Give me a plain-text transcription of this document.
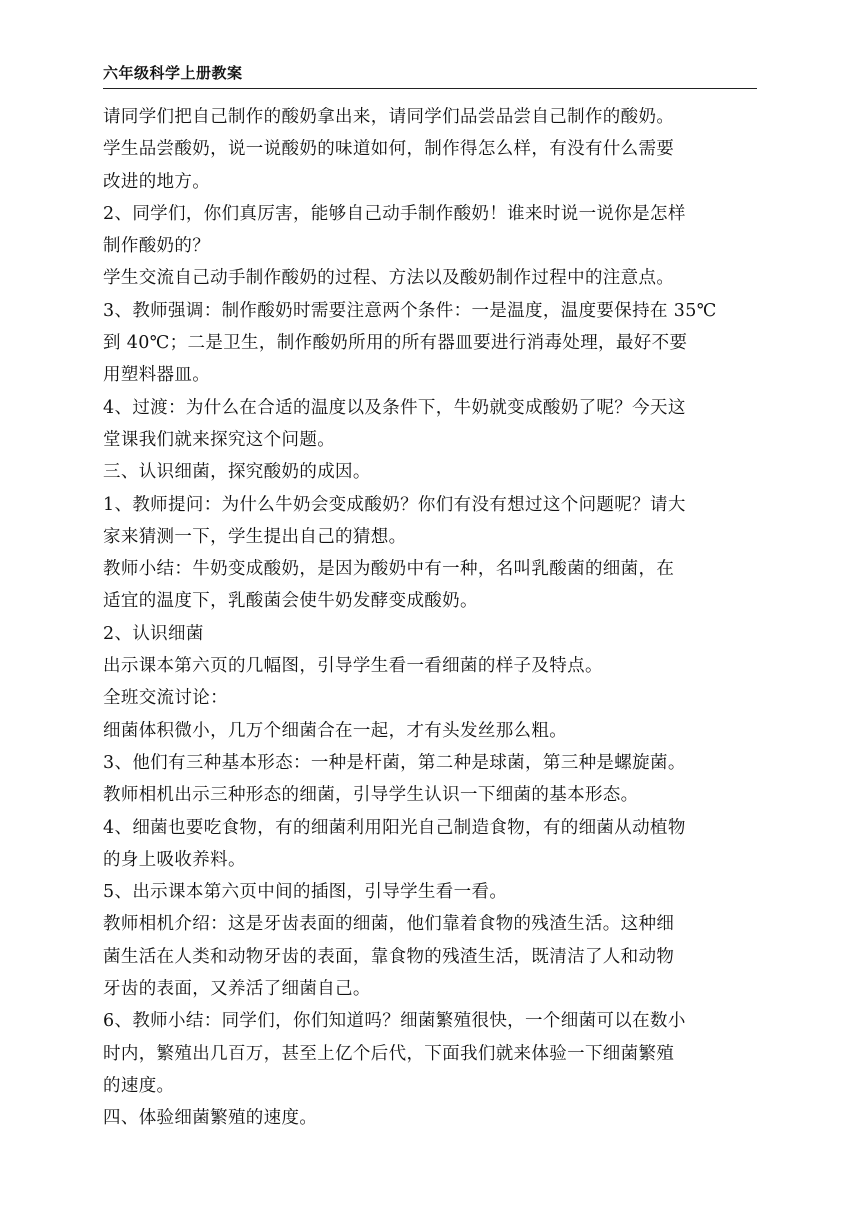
六年级科学上册教案
请同学们把自己制作的酸奶拿出来，请同学们品尝品尝自己制作的酸奶。
学生品尝酸奶，说一说酸奶的味道如何，制作得怎么样，有没有什么需要
改进的地方。
2、同学们，你们真厉害，能够自己动手制作酸奶！谁来时说一说你是怎样
制作酸奶的？
学生交流自己动手制作酸奶的过程、方法以及酸奶制作过程中的注意点。
3、教师强调：制作酸奶时需要注意两个条件：一是温度，温度要保持在 35℃
到 40℃；二是卫生，制作酸奶所用的所有器皿要进行消毒处理，最好不要
用塑料器皿。
4、过渡：为什么在合适的温度以及条件下，牛奶就变成酸奶了呢？今天这
堂课我们就来探究这个问题。
三、认识细菌，探究酸奶的成因。
1、教师提问：为什么牛奶会变成酸奶？你们有没有想过这个问题呢？请大
家来猜测一下，学生提出自己的猜想。
教师小结：牛奶变成酸奶，是因为酸奶中有一种，名叫乳酸菌的细菌，在
适宜的温度下，乳酸菌会使牛奶发酵变成酸奶。
2、认识细菌
出示课本第六页的几幅图，引导学生看一看细菌的样子及特点。
全班交流讨论：
细菌体积微小，几万个细菌合在一起，才有头发丝那么粗。
3、他们有三种基本形态：一种是杆菌，第二种是球菌，第三种是螺旋菌。
教师相机出示三种形态的细菌，引导学生认识一下细菌的基本形态。
4、细菌也要吃食物，有的细菌利用阳光自己制造食物，有的细菌从动植物
的身上吸收养料。
5、出示课本第六页中间的插图，引导学生看一看。
教师相机介绍：这是牙齿表面的细菌，他们靠着食物的残渣生活。这种细
菌生活在人类和动物牙齿的表面，靠食物的残渣生活，既清洁了人和动物
牙齿的表面，又养活了细菌自己。
6、教师小结：同学们，你们知道吗？细菌繁殖很快，一个细菌可以在数小
时内，繁殖出几百万，甚至上亿个后代，下面我们就来体验一下细菌繁殖
的速度。
四、体验细菌繁殖的速度。
